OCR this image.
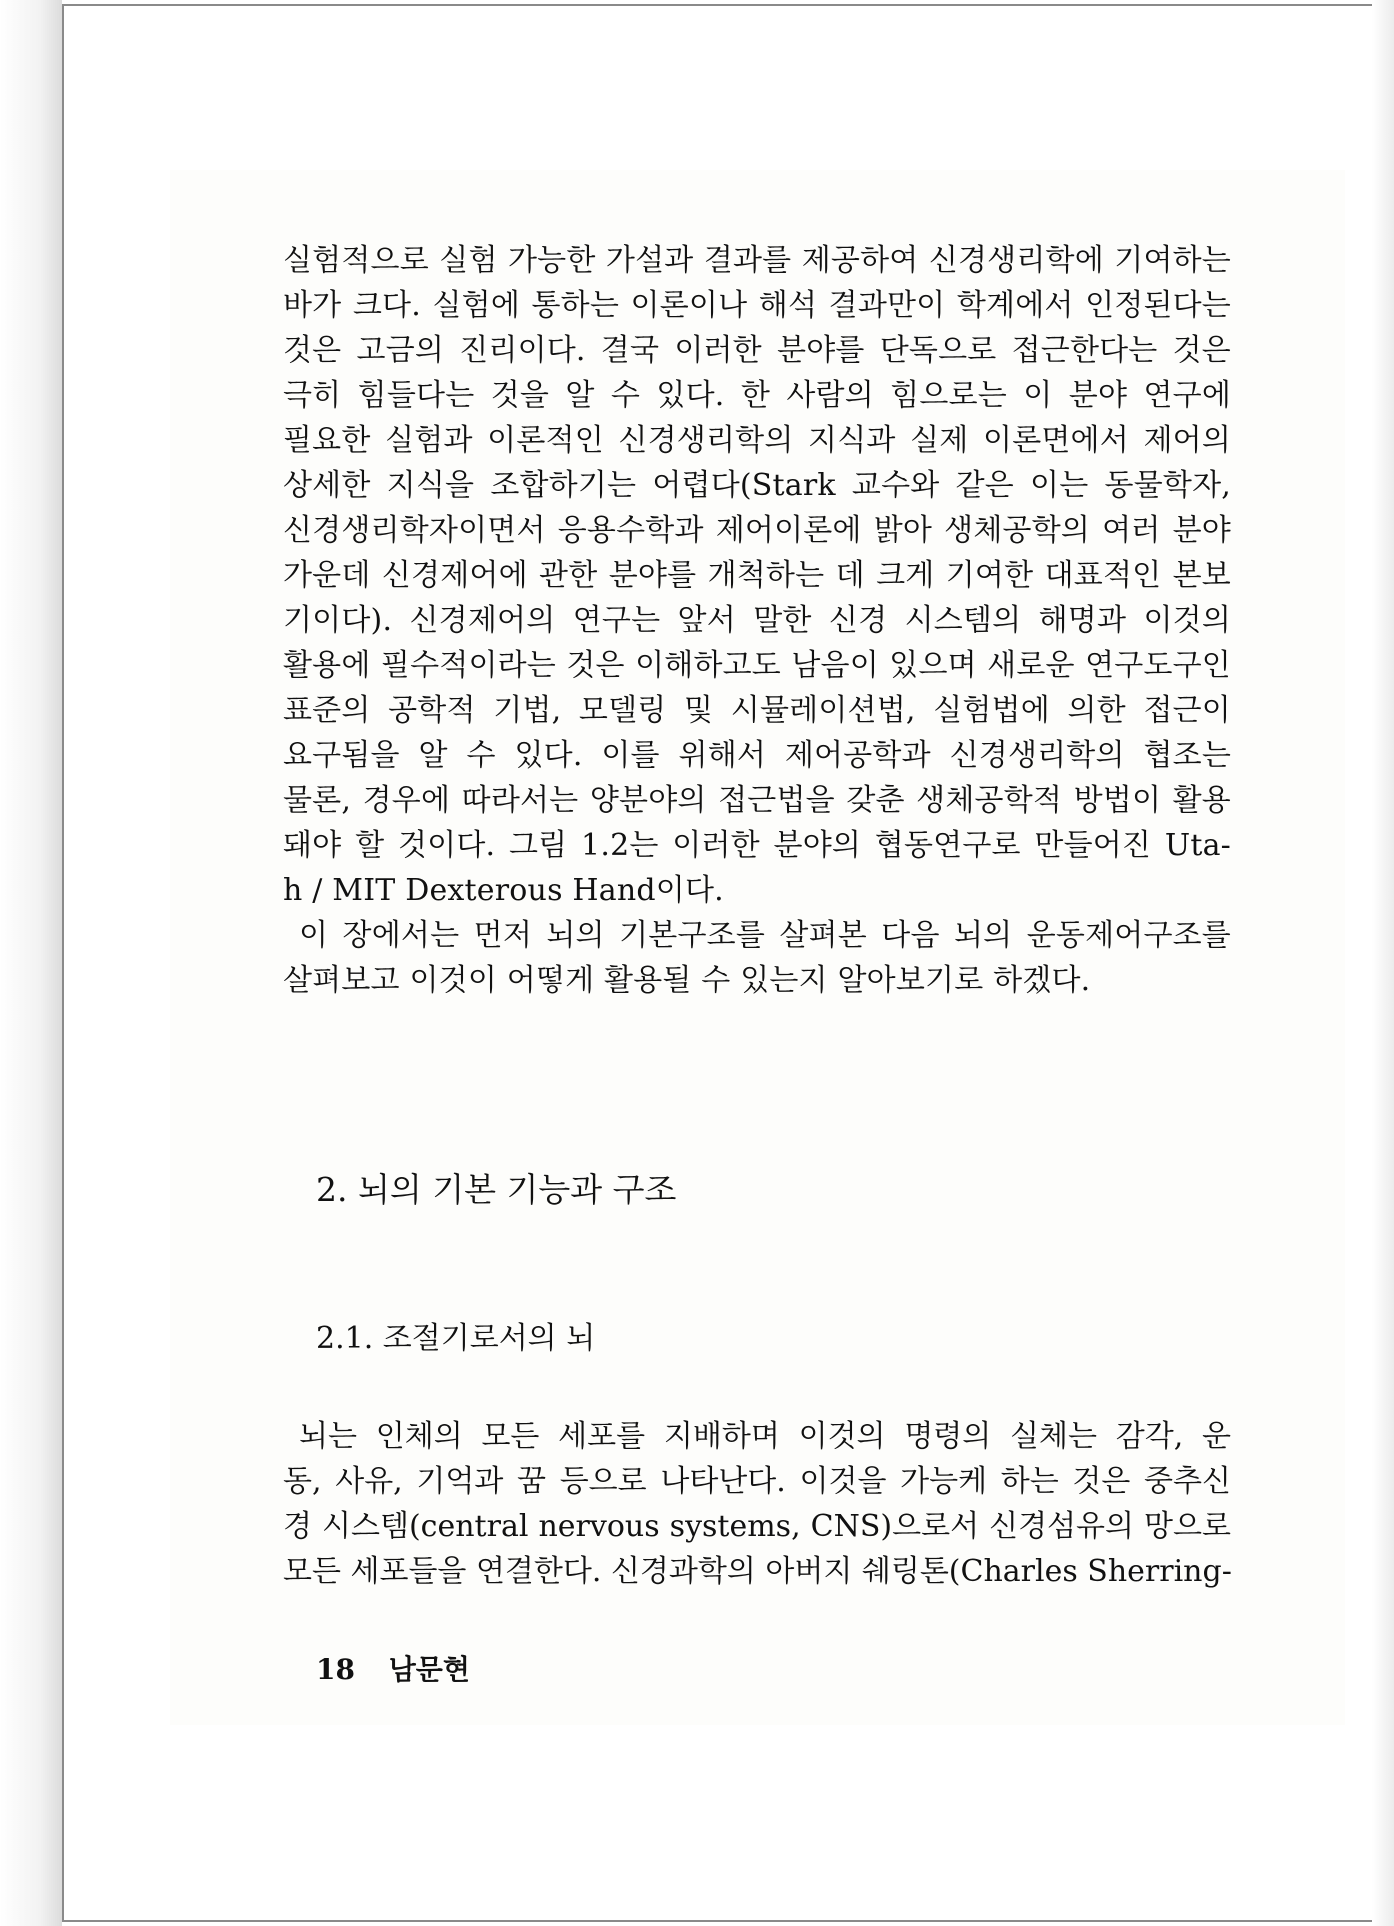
실험적으로 실험 가능한 가설과 결과를 제공하여 신경생리학에 기여하는
바가 크다. 실험에 통하는 이론이나 해석 결과만이 학계에서 인정된다는
것은 고금의 진리이다. 결국 이러한 분야를 단독으로 접근한다는 것은
극히 힘들다는 것을 알 수 있다. 한 사람의 힘으로는 이 분야 연구에
필요한 실험과 이론적인 신경생리학의 지식과 실제 이론면에서 제어의
상세한 지식을 조합하기는 어렵다(Stark 교수와 같은 이는 동물학자,
신경생리학자이면서 응용수학과 제어이론에 밝아 생체공학의 여러 분야
가운데 신경제어에 관한 분야를 개척하는 데 크게 기여한 대표적인 본보
기이다). 신경제어의 연구는 앞서 말한 신경 시스템의 해명과 이것의
활용에 필수적이라는 것은 이해하고도 남음이 있으며 새로운 연구도구인
표준의 공학적 기법, 모델링 및 시뮬레이션법, 실험법에 의한 접근이
요구됨을 알 수 있다. 이를 위해서 제어공학과 신경생리학의 협조는
물론, 경우에 따라서는 양분야의 접근법을 갖춘 생체공학적 방법이 활용
돼야 할 것이다. 그림 1.2는 이러한 분야의 협동연구로 만들어진 Uta-
h / MIT Dexterous Hand이다.
이 장에서는 먼저 뇌의 기본구조를 살펴본 다음 뇌의 운동제어구조를
살펴보고 이것이 어떻게 활용될 수 있는지 알아보기로 하겠다.
2. 뇌의 기본 기능과 구조
2.1. 조절기로서의 뇌
뇌는 인체의 모든 세포를 지배하며 이것의 명령의 실체는 감각, 운
동, 사유, 기억과 꿈 등으로 나타난다. 이것을 가능케 하는 것은 중추신
경 시스템(central nervous systems, CNS)으로서 신경섬유의 망으로
모든 세포들을 연결한다. 신경과학의 아버지 쉐링톤(Charles Sherring-
18 남문현
